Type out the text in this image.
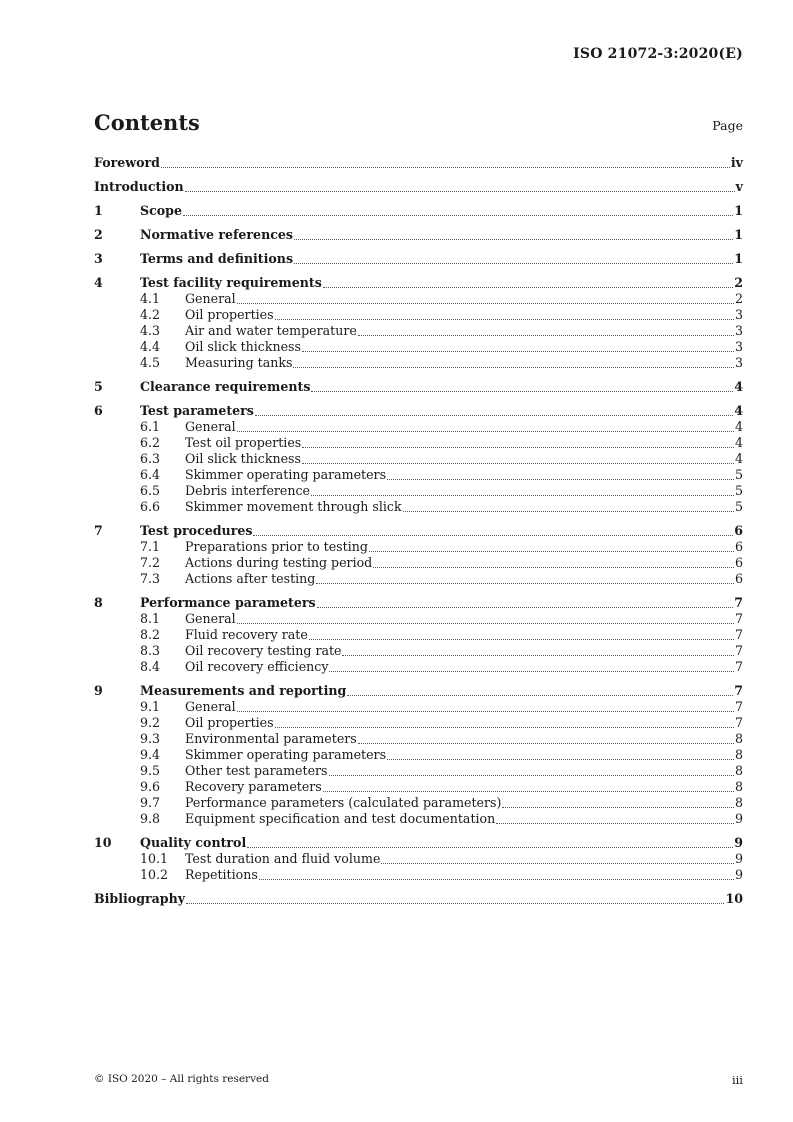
ISO 21072-3:2020(E)
Contents	Page
Foreword	iv
Introduction	v
1	Scope	1
2	Normative references	1
3	Terms and definitions	1
4	Test facility requirements	2
4.1	General	2
4.2	Oil properties	3
4.3	Air and water temperature	3
4.4	Oil slick thickness	3
4.5	Measuring tanks	3
5	Clearance requirements	4
6	Test parameters	4
6.1	General	4
6.2	Test oil properties	4
6.3	Oil slick thickness	4
6.4	Skimmer operating parameters	5
6.5	Debris interference	5
6.6	Skimmer movement through slick	5
7	Test procedures	6
7.1	Preparations prior to testing	6
7.2	Actions during testing period	6
7.3	Actions after testing	6
8	Performance parameters	7
8.1	General	7
8.2	Fluid recovery rate	7
8.3	Oil recovery testing rate	7
8.4	Oil recovery efficiency	7
9	Measurements and reporting	7
9.1	General	7
9.2	Oil properties	7
9.3	Environmental parameters	8
9.4	Skimmer operating parameters	8
9.5	Other test parameters	8
9.6	Recovery parameters	8
9.7	Performance parameters (calculated parameters)	8
9.8	Equipment specification and test documentation	9
10	Quality control	9
10.1	Test duration and fluid volume	9
10.2	Repetitions	9
Bibliography	10
© ISO 2020 – All rights reserved	iii
